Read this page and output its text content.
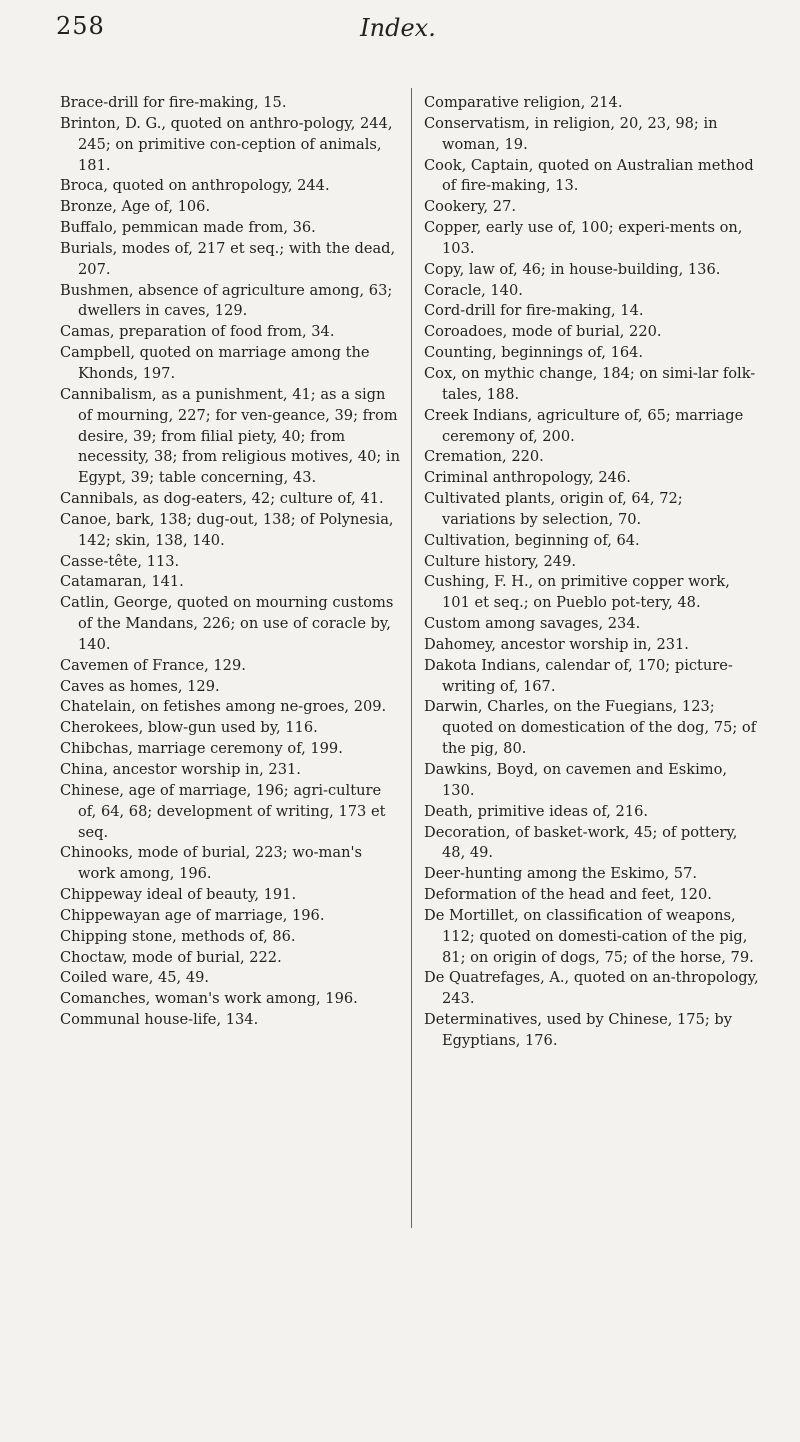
258	Index.
Brace-drill for fire-making, 15.
Brinton, D. G., quoted on anthro-pology, 244, 245; on primitive con-ception of animals, 181.
Broca, quoted on anthropology, 244.
Bronze, Age of, 106.
Buffalo, pemmican made from, 36.
Burials, modes of, 217 et seq.; with the dead, 207.
Bushmen, absence of agriculture among, 63; dwellers in caves, 129.
Camas, preparation of food from, 34.
Campbell, quoted on marriage among the Khonds, 197.
Cannibalism, as a punishment, 41; as a sign of mourning, 227; for ven-geance, 39; from desire, 39; from filial piety, 40; from necessity, 38; from religious motives, 40; in Egypt, 39; table concerning, 43.
Cannibals, as dog-eaters, 42; culture of, 41.
Canoe, bark, 138; dug-out, 138; of Polynesia, 142; skin, 138, 140.
Casse-tête, 113.
Catamaran, 141.
Catlin, George, quoted on mourning customs of the Mandans, 226; on use of coracle by, 140.
Cavemen of France, 129.
Caves as homes, 129.
Chatelain, on fetishes among ne-groes, 209.
Cherokees, blow-gun used by, 116.
Chibchas, marriage ceremony of, 199.
China, ancestor worship in, 231.
Chinese, age of marriage, 196; agri-culture of, 64, 68; development of writing, 173 et seq.
Chinooks, mode of burial, 223; wo-man's work among, 196.
Chippeway ideal of beauty, 191.
Chippewayan age of marriage, 196.
Chipping stone, methods of, 86.
Choctaw, mode of burial, 222.
Coiled ware, 45, 49.
Comanches, woman's work among, 196.
Communal house-life, 134.
Comparative religion, 214.
Conservatism, in religion, 20, 23, 98; in woman, 19.
Cook, Captain, quoted on Australian method of fire-making, 13.
Cookery, 27.
Copper, early use of, 100; experi-ments on, 103.
Copy, law of, 46; in house-building, 136.
Coracle, 140.
Cord-drill for fire-making, 14.
Coroadoes, mode of burial, 220.
Counting, beginnings of, 164.
Cox, on mythic change, 184; on simi-lar folk-tales, 188.
Creek Indians, agriculture of, 65; marriage ceremony of, 200.
Cremation, 220.
Criminal anthropology, 246.
Cultivated plants, origin of, 64, 72; variations by selection, 70.
Cultivation, beginning of, 64.
Culture history, 249.
Cushing, F. H., on primitive copper work, 101 et seq.; on Pueblo pot-tery, 48.
Custom among savages, 234.
Dahomey, ancestor worship in, 231.
Dakota Indians, calendar of, 170; picture-writing of, 167.
Darwin, Charles, on the Fuegians, 123; quoted on domestication of the dog, 75; of the pig, 80.
Dawkins, Boyd, on cavemen and Eskimo, 130.
Death, primitive ideas of, 216.
Decoration, of basket-work, 45; of pottery, 48, 49.
Deer-hunting among the Eskimo, 57.
Deformation of the head and feet, 120.
De Mortillet, on classification of weapons, 112; quoted on domesti-cation of the pig, 81; on origin of dogs, 75; of the horse, 79.
De Quatrefages, A., quoted on an-thropology, 243.
Determinatives, used by Chinese, 175; by Egyptians, 176.
